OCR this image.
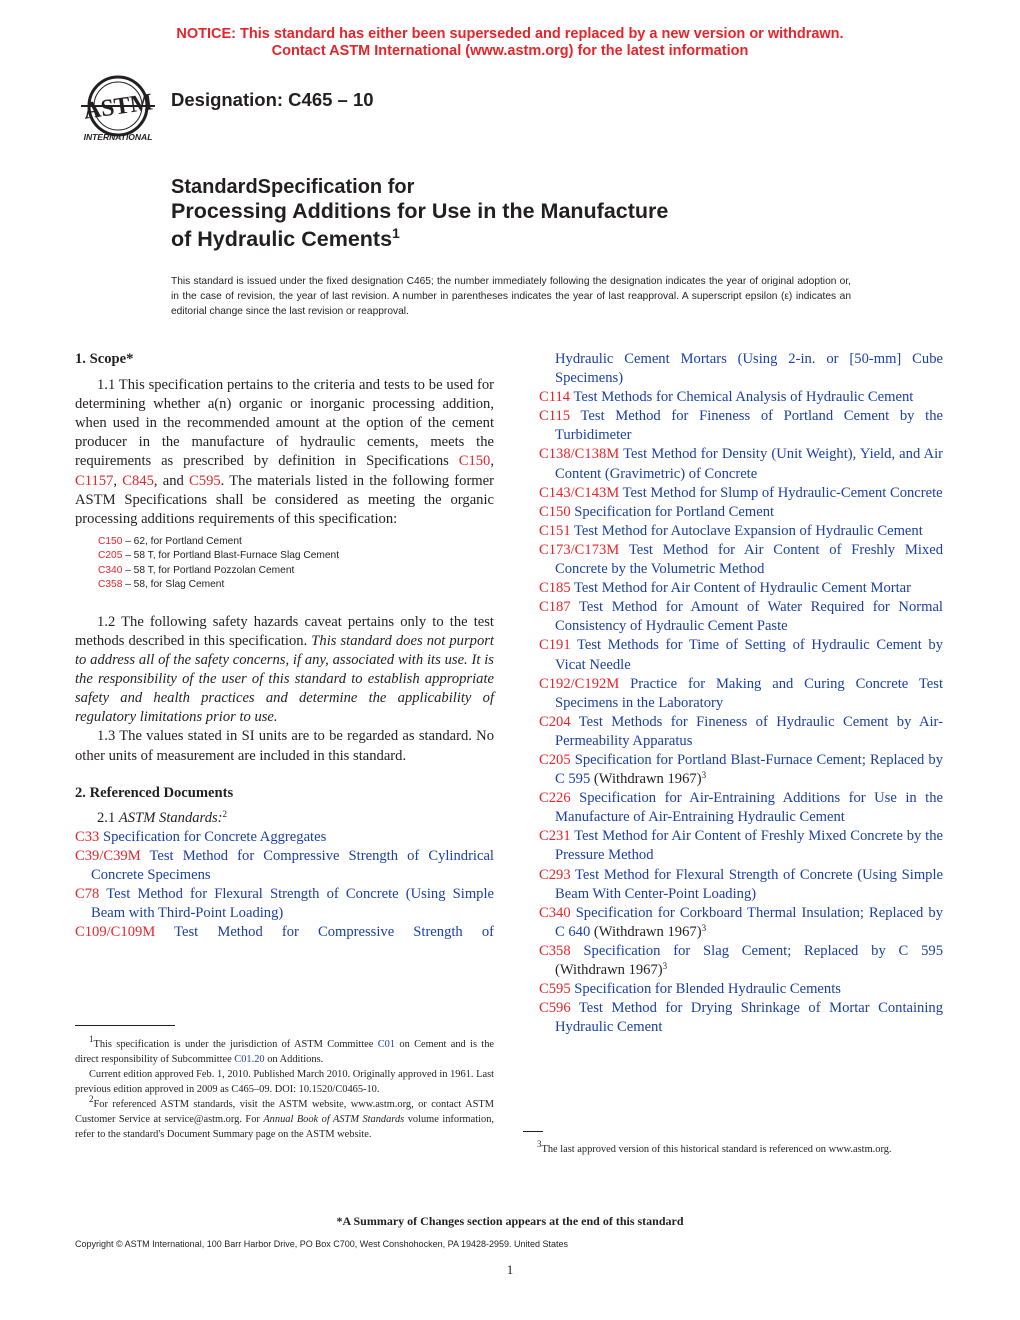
NOTICE: This standard has either been superseded and replaced by a new version or withdrawn.
Contact ASTM International (www.astm.org) for the latest information
ASTM
INTERNATIONAL
Designation: C465 – 10
StandardSpecification for
Processing Additions for Use in the Manufacture
of Hydraulic Cements$^1$
This standard is issued under the fixed designation C465; the number immediately following the designation indicates the year of original adoption or, in the case of revision, the year of last revision. A number in parentheses indicates the year of last reapproval. A superscript epsilon (ε) indicates an editorial change since the last revision or reapproval.

1. Scope*

1.1 This specification pertains to the criteria and tests to be used for determining whether a(n) organic or inorganic processing addition, when used in the recommended amount at the option of the cement producer in the manufacture of hydraulic cements, meets the requirements as prescribed by definition in Specifications C150, C1157, C845, and C595. The materials listed in the following former ASTM Specifications shall be considered as meeting the organic processing additions requirements of this specification:

C150 – 62, for Portland Cement
C205 – 58 T, for Portland Blast-Furnace Slag Cement
C340 – 58 T, for Portland Pozzolan Cement
C358 – 58, for Slag Cement

1.2 The following safety hazards caveat pertains only to the test methods described in this specification. This standard does not purport to address all of the safety concerns, if any, associated with its use. It is the responsibility of the user of this standard to establish appropriate safety and health practices and determine the applicability of regulatory limitations prior to use.

1.3 The values stated in SI units are to be regarded as standard. No other units of measurement are included in this standard.

2. Referenced Documents

2.1 ASTM Standards:$^2$

C33 Specification for Concrete Aggregates

C39/C39M Test Method for Compressive Strength of Cylindrical Concrete Specimens

C78 Test Method for Flexural Strength of Concrete (Using Simple Beam with Third-Point Loading)

C109/C109M Test Method for Compressive Strength of

$^1$This specification is under the jurisdiction of ASTM Committee C01 on Cement and is the direct responsibility of Subcommittee C01.20 on Additions.
Current edition approved Feb. 1, 2010. Published March 2010. Originally approved in 1961. Last previous edition approved in 2009 as C465–09. DOI: 10.1520/C0465-10.
$^2$For referenced ASTM standards, visit the ASTM website, www.astm.org, or contact ASTM Customer Service at service@astm.org. For Annual Book of ASTM Standards volume information, refer to the standard's Document Summary page on the ASTM website.

Hydraulic Cement Mortars (Using 2-in. or [50-mm] Cube Specimens)

C114 Test Methods for Chemical Analysis of Hydraulic Cement

C115 Test Method for Fineness of Portland Cement by the Turbidimeter

C138/C138M Test Method for Density (Unit Weight), Yield, and Air Content (Gravimetric) of Concrete

C143/C143M Test Method for Slump of Hydraulic-Cement Concrete

C150 Specification for Portland Cement

C151 Test Method for Autoclave Expansion of Hydraulic Cement

C173/C173M Test Method for Air Content of Freshly Mixed Concrete by the Volumetric Method

C185 Test Method for Air Content of Hydraulic Cement Mortar

C187 Test Method for Amount of Water Required for Normal Consistency of Hydraulic Cement Paste

C191 Test Methods for Time of Setting of Hydraulic Cement by Vicat Needle

C192/C192M Practice for Making and Curing Concrete Test Specimens in the Laboratory

C204 Test Methods for Fineness of Hydraulic Cement by Air-Permeability Apparatus

C205 Specification for Portland Blast-Furnace Cement; Replaced by C 595 (Withdrawn 1967)$^3$

C226 Specification for Air-Entraining Additions for Use in the Manufacture of Air-Entraining Hydraulic Cement

C231 Test Method for Air Content of Freshly Mixed Concrete by the Pressure Method

C293 Test Method for Flexural Strength of Concrete (Using Simple Beam With Center-Point Loading)

C340 Specification for Corkboard Thermal Insulation; Replaced by C 640 (Withdrawn 1967)$^3$

C358 Specification for Slag Cement; Replaced by C 595 (Withdrawn 1967)$^3$

C595 Specification for Blended Hydraulic Cements

C596 Test Method for Drying Shrinkage of Mortar Containing Hydraulic Cement

$^3$The last approved version of this historical standard is referenced on www.astm.org.
*A Summary of Changes section appears at the end of this standard
Copyright © ASTM International, 100 Barr Harbor Drive, PO Box C700, West Conshohocken, PA 19428-2959. United States
1
